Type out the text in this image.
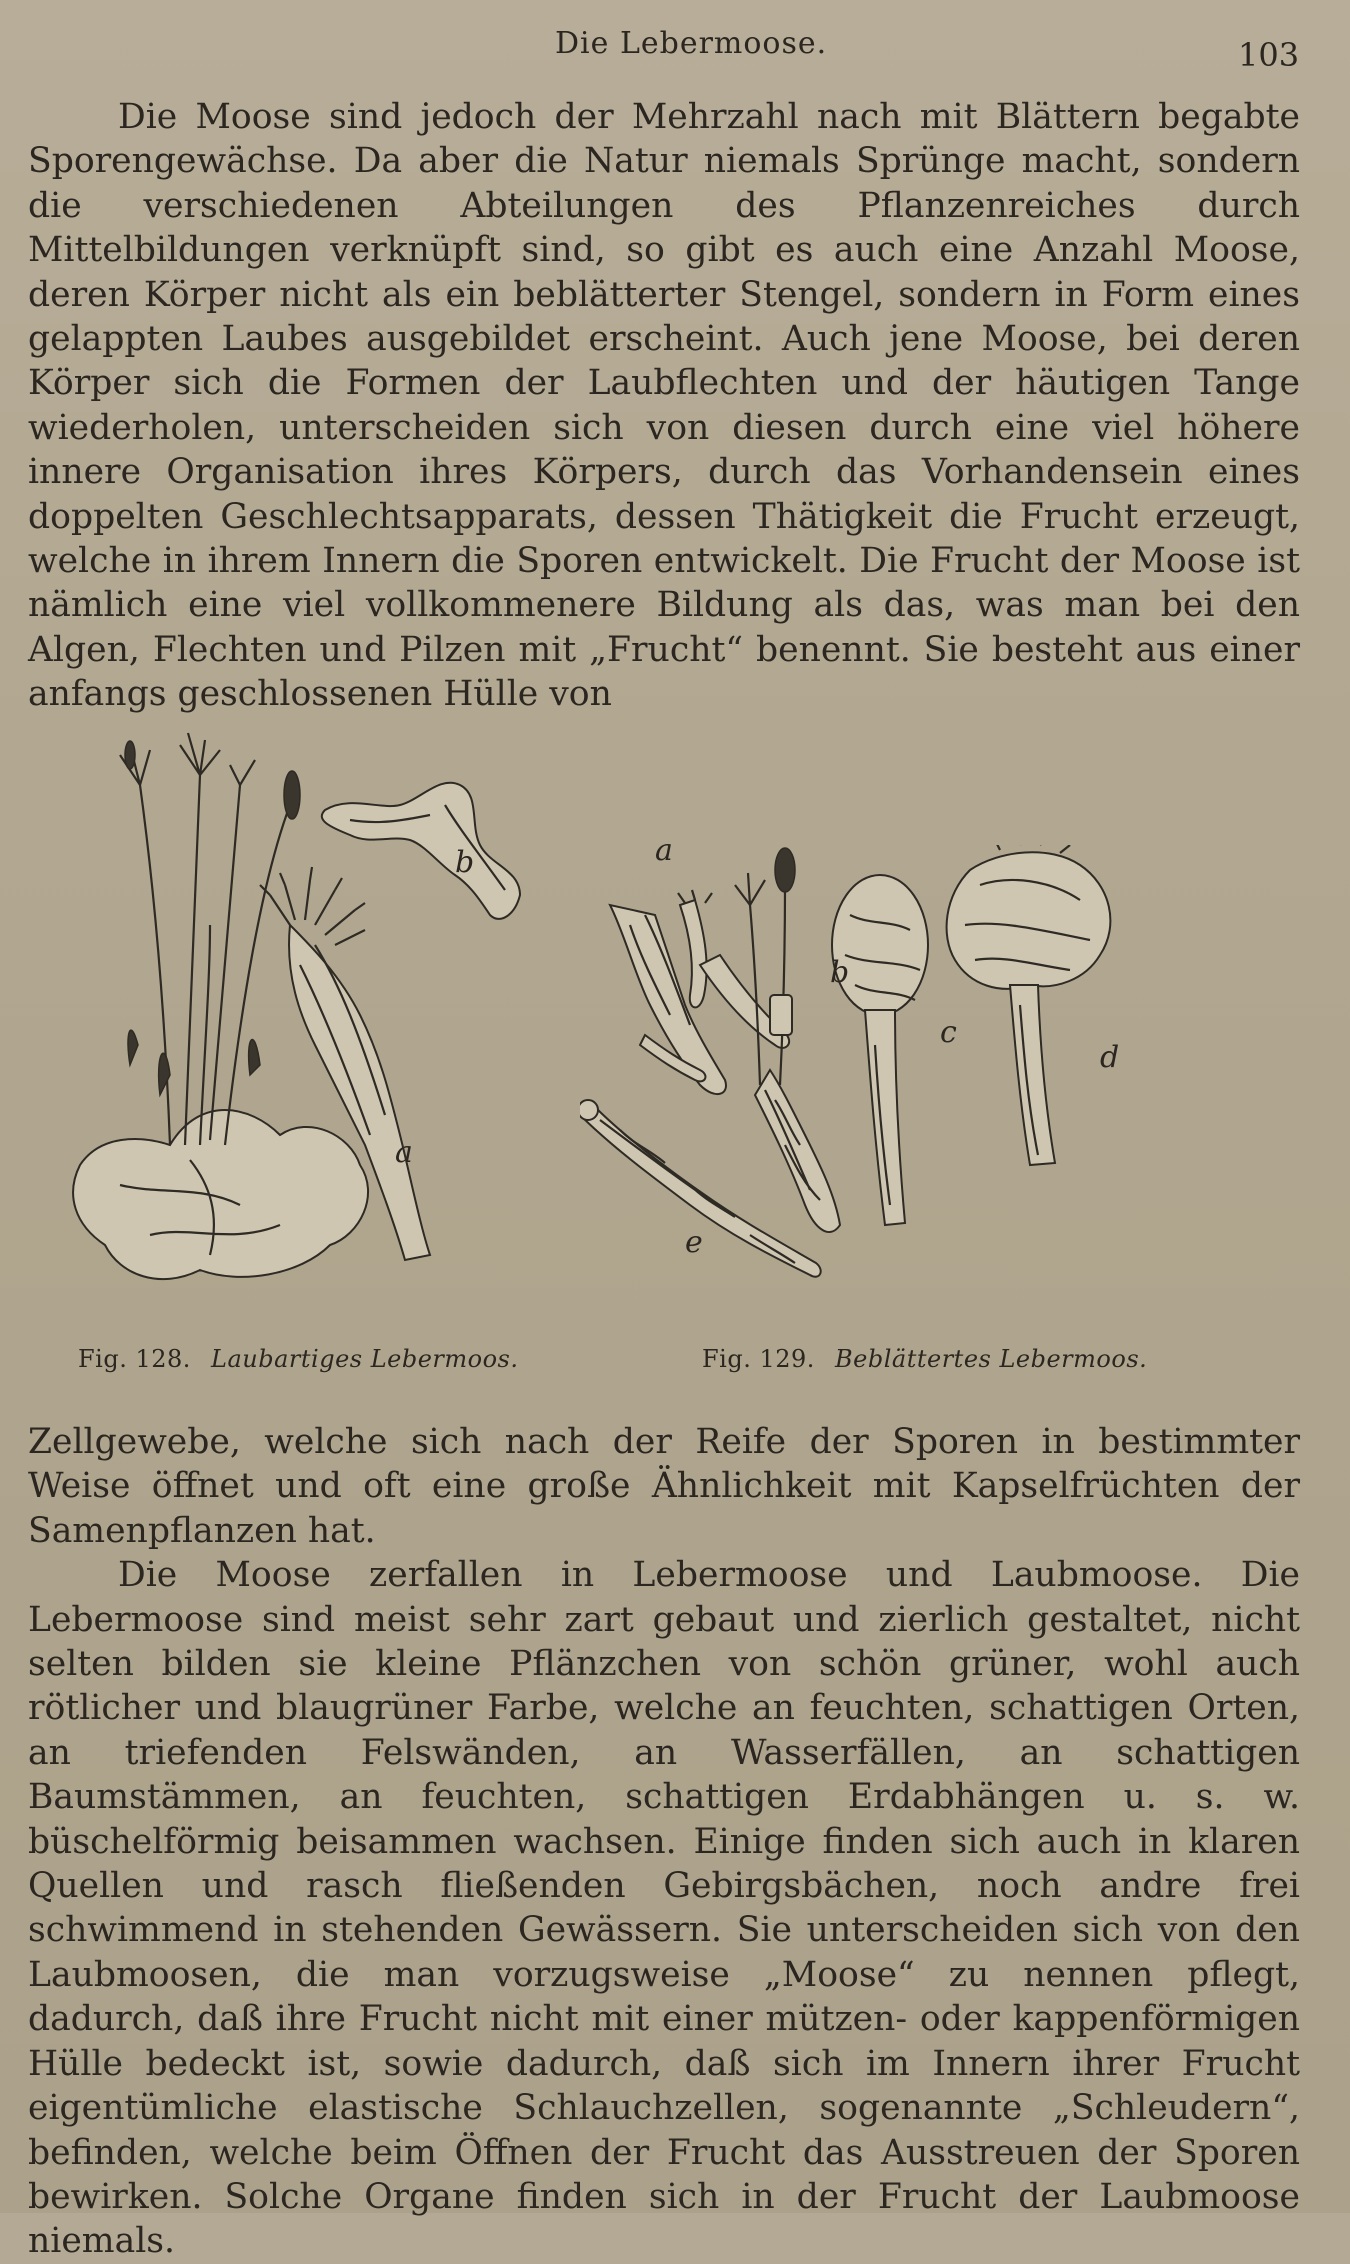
Die Lebermoose.	103

Die Moose sind jedoch der Mehrzahl nach mit Blättern begabte Sporengewächse. Da aber die Natur niemals Sprünge macht, sondern die verschiedenen Abteilungen des Pflanzenreiches durch Mittelbildungen verknüpft sind, so gibt es auch eine Anzahl Moose, deren Körper nicht als ein beblätterter Stengel, sondern in Form eines gelappten Laubes ausgebildet erscheint. Auch jene Moose, bei deren Körper sich die Formen der Laubflechten und der häutigen Tange wiederholen, unterscheiden sich von diesen durch eine viel höhere innere Organisation ihres Körpers, durch das Vorhandensein eines doppelten Geschlechtsapparats, dessen Thätigkeit die Frucht erzeugt, welche in ihrem Innern die Sporen entwickelt. Die Frucht der Moose ist nämlich eine viel vollkommenere Bildung als das, was man bei den Algen, Flechten und Pilzen mit „Frucht“ benennt. Sie besteht aus einer anfangs geschlossenen Hülle von

b
a
a
b
c
d
e
Fig. 128. Laubartiges Lebermoos.	Fig. 129. Beblättertes Lebermoos.

Zellgewebe, welche sich nach der Reife der Sporen in bestimmter Weise öffnet und oft eine große Ähnlichkeit mit Kapselfrüchten der Samenpflanzen hat.

Die Moose zerfallen in Lebermoose und Laubmoose. Die Lebermoose sind meist sehr zart gebaut und zierlich gestaltet, nicht selten bilden sie kleine Pflänzchen von schön grüner, wohl auch rötlicher und blaugrüner Farbe, welche an feuchten, schattigen Orten, an triefenden Felswänden, an Wasserfällen, an schattigen Baumstämmen, an feuchten, schattigen Erdabhängen u. s. w. büschelförmig beisammen wachsen. Einige finden sich auch in klaren Quellen und rasch fließenden Gebirgsbächen, noch andre frei schwimmend in stehenden Gewässern. Sie unterscheiden sich von den Laubmoosen, die man vorzugsweise „Moose“ zu nennen pflegt, dadurch, daß ihre Frucht nicht mit einer mützen- oder kappenförmigen Hülle bedeckt ist, sowie dadurch, daß sich im Innern ihrer Frucht eigentümliche elastische Schlauchzellen, sogenannte „Schleudern“, befinden, welche beim Öffnen der Frucht das Ausstreuen der Sporen bewirken. Solche Organe finden sich in der Frucht der Laubmoose niemals.
